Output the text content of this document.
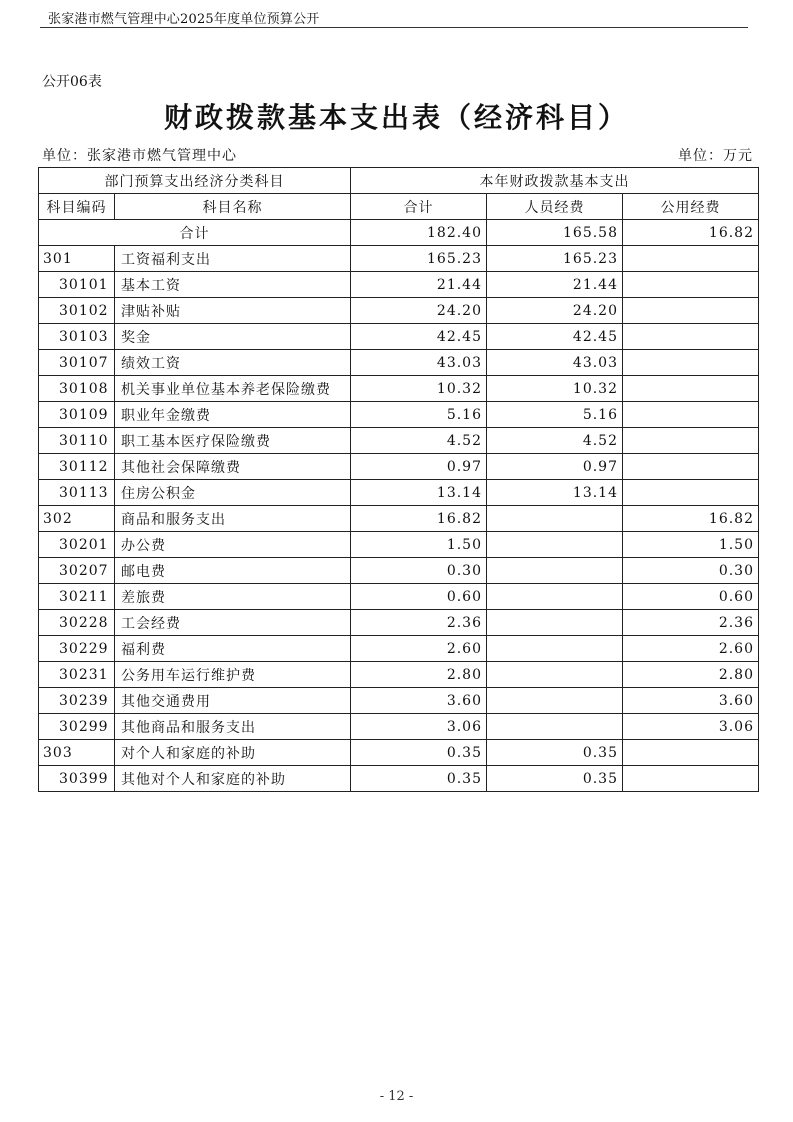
张家港市燃气管理中心2025年度单位预算公开
公开06表
财政拨款基本支出表（经济科目）
单位：张家港市燃气管理中心	单位：万元
部门预算支出经济分类科目		本年财政拨款基本支出		
科目编码	科目名称	合计	人员经费	公用经费
合计		182.40	165.58	16.82
301	工资福利支出	165.23	165.23	
30101	基本工资	21.44	21.44	
30102	津贴补贴	24.20	24.20	
30103	奖金	42.45	42.45	
30107	绩效工资	43.03	43.03	
30108	机关事业单位基本养老保险缴费	10.32	10.32	
30109	职业年金缴费	5.16	5.16	
30110	职工基本医疗保险缴费	4.52	4.52	
30112	其他社会保障缴费	0.97	0.97	
30113	住房公积金	13.14	13.14	
302	商品和服务支出	16.82		16.82
30201	办公费	1.50		1.50
30207	邮电费	0.30		0.30
30211	差旅费	0.60		0.60
30228	工会经费	2.36		2.36
30229	福利费	2.60		2.60
30231	公务用车运行维护费	2.80		2.80
30239	其他交通费用	3.60		3.60
30299	其他商品和服务支出	3.06		3.06
303	对个人和家庭的补助	0.35	0.35	
30399	其他对个人和家庭的补助	0.35	0.35	
- 12 -
